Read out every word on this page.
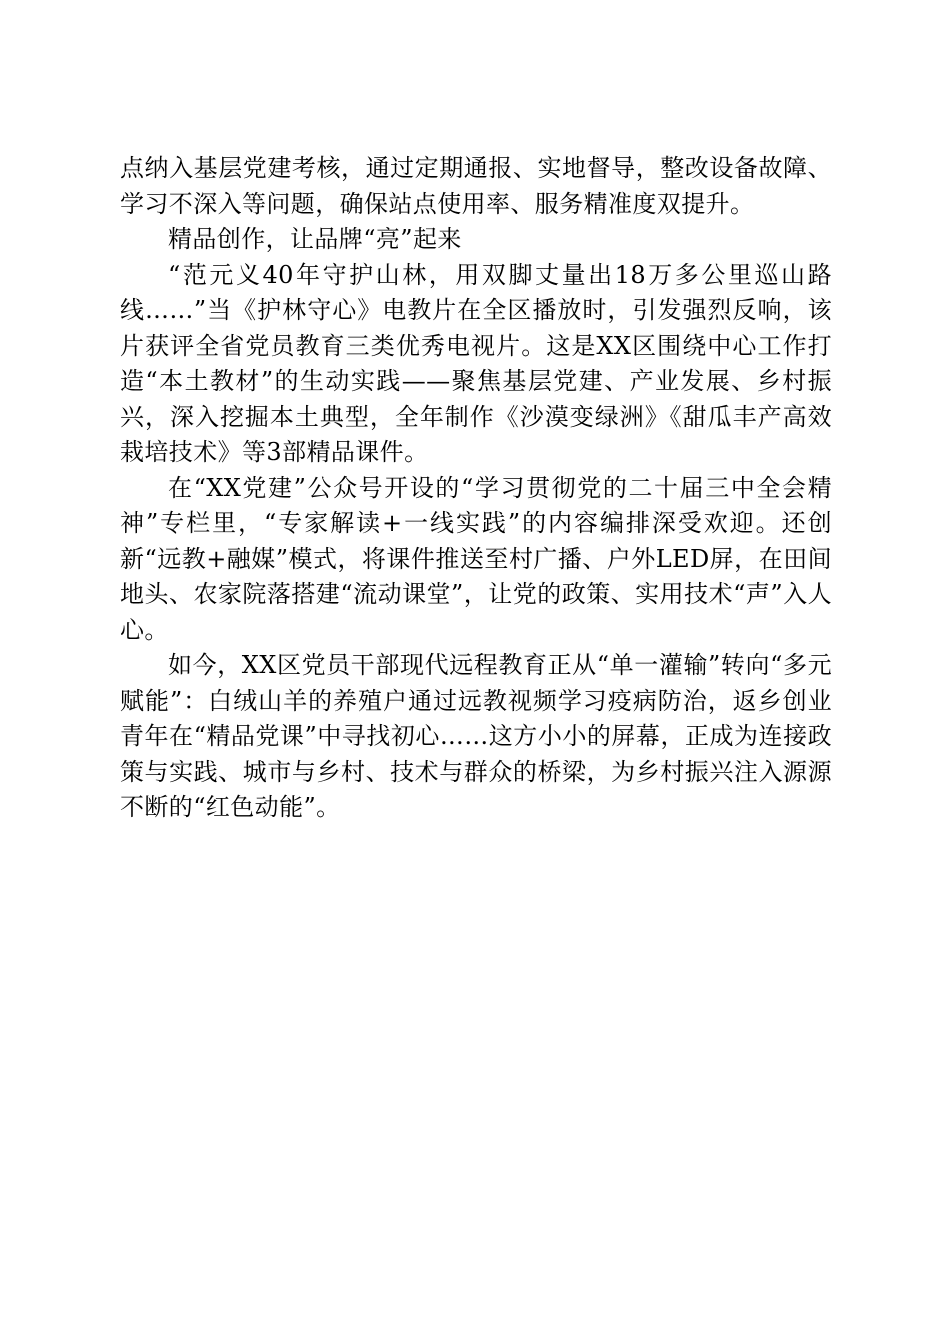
点纳入基层党建考核，通过定期通报、实地督导，整改设备故障、学习不深入等问题，确保站点使用率、服务精准度双提升。

精品创作，让品牌“亮”起来

“范元义40年守护山林，用双脚丈量出18万多公里巡山路线……”当《护林守心》电教片在全区播放时，引发强烈反响，该片获评全省党员教育三类优秀电视片。这是XX区围绕中心工作打造“本土教材”的生动实践——聚焦基层党建、产业发展、乡村振兴，深入挖掘本土典型，全年制作《沙漠变绿洲》《甜瓜丰产高效栽培技术》等3部精品课件。

在“XX党建”公众号开设的“学习贯彻党的二十届三中全会精神”专栏里，“专家解读+一线实践”的内容编排深受欢迎。还创新“远教+融媒”模式，将课件推送至村广播、户外LED屏，在田间地头、农家院落搭建“流动课堂”，让党的政策、实用技术“声”入人心。

如今，XX区党员干部现代远程教育正从“单一灌输”转向“多元赋能”：白绒山羊的养殖户通过远教视频学习疫病防治，返乡创业青年在“精品党课”中寻找初心……这方小小的屏幕，正成为连接政策与实践、城市与乡村、技术与群众的桥梁，为乡村振兴注入源源不断的“红色动能”。
